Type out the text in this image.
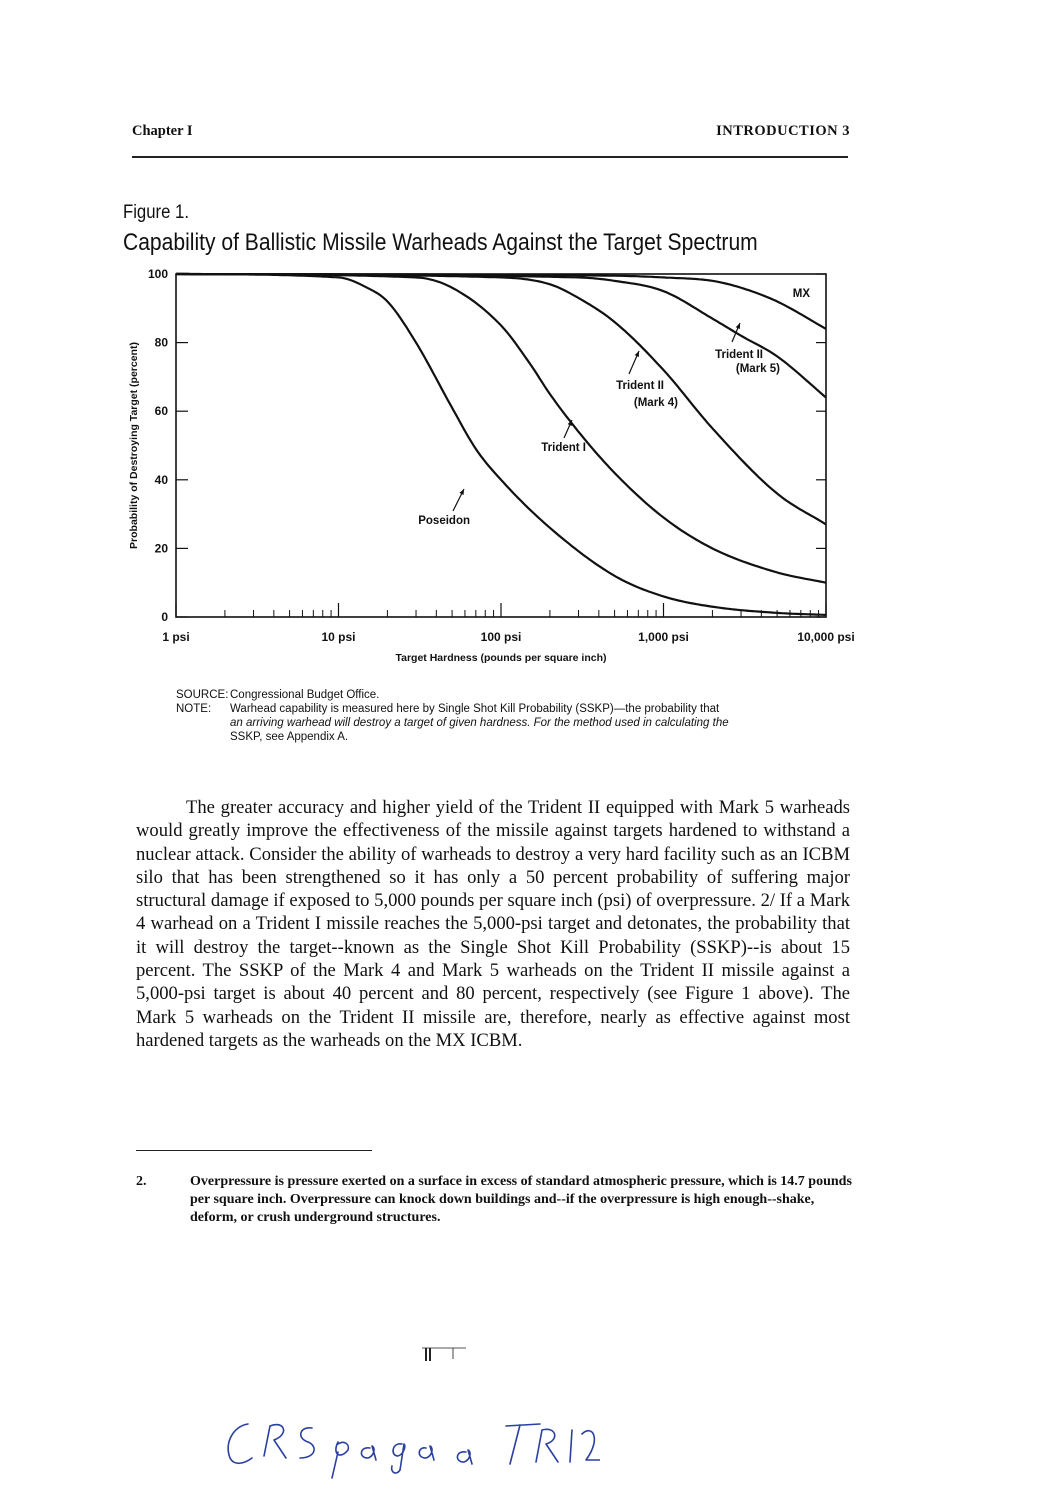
Chapter I	INTRODUCTION 3
Figure 1.
Capability of Ballistic Missile Warheads Against the Target Spectrum
0
20
40
60
80
100
1 psi	10 psi	100 psi	1,000 psi	10,000 psi
Target Hardness (pounds per square inch)
Probability of Destroying Target (percent)
MX
Trident II
(Mark 5)
Trident II
(Mark 4)
Trident I
Poseidon
SOURCE: Congressional Budget Office.
NOTE:	Warhead capability is measured here by Single Shot Kill Probability (SSKP)—the probability that
an arriving warhead will destroy a target of given hardness. For the method used in calculating the
SSKP, see Appendix A.

The greater accuracy and higher yield of the Trident II equipped with Mark 5 warheads would greatly improve the effectiveness of the missile against targets hardened to withstand a nuclear attack. Consider the ability of warheads to destroy a very hard facility such as an ICBM silo that has been strengthened so it has only a 50 percent probability of suffering major structural damage if exposed to 5,000 pounds per square inch (psi) of overpressure. 2/ If a Mark 4 warhead on a Trident I missile reaches the 5,000-psi target and detonates, the probability that it will destroy the target--known as the Single Shot Kill Probability (SSKP)--is about 15 percent. The SSKP of the Mark 4 and Mark 5 warheads on the Trident II missile against a 5,000-psi target is about 40 percent and 80 percent, respectively (see Figure 1 above). The Mark 5 warheads on the Trident II missile are, therefore, nearly as effective against most hardened targets as the warheads on the MX ICBM.

2.	Overpressure is pressure exerted on a surface in excess of standard atmospheric pressure, which is 14.7 pounds per square inch. Overpressure can knock down buildings and--if the overpressure is high enough--shake, deform, or crush underground structures.
